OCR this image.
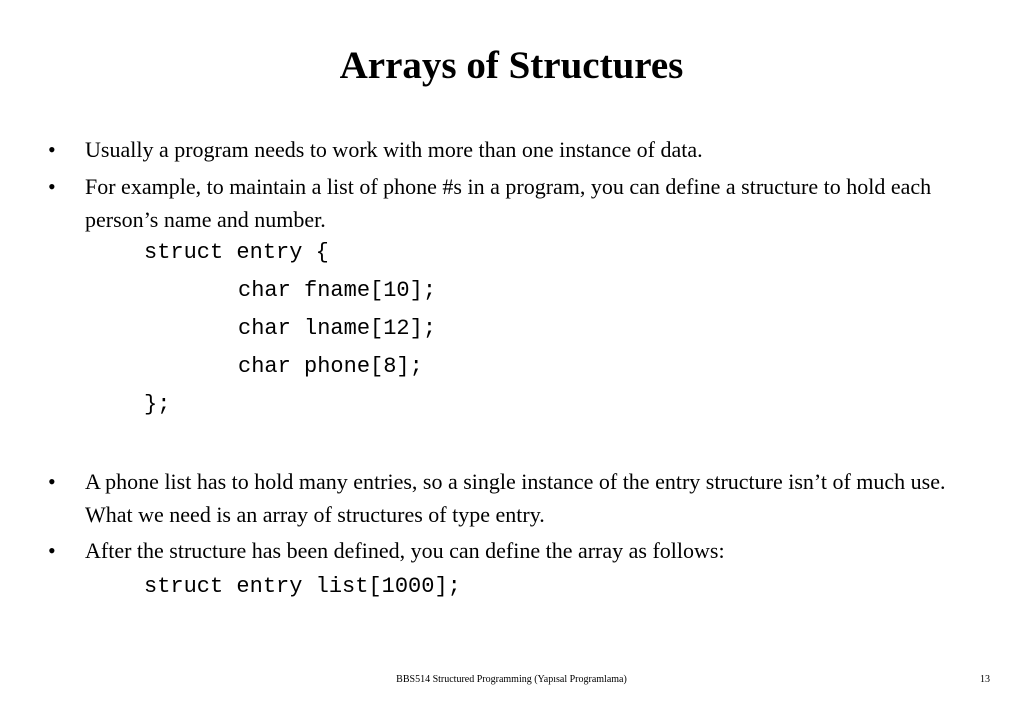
Arrays of Structures
• Usually a program needs to work with more than one instance of data.
• For example, to maintain a list of phone #s in a program, you can define a structure to hold each person’s name and number.
struct entry {
char fname[10];
char lname[12];
char phone[8];
};
• A phone list has to hold many entries, so a single instance of the entry structure isn’t of much use. What we need is an array of structures of type entry.
• After the structure has been defined, you can define the array as follows:
struct entry list[1000];
BBS514 Structured Programming (Yapısal Programlama)	13
